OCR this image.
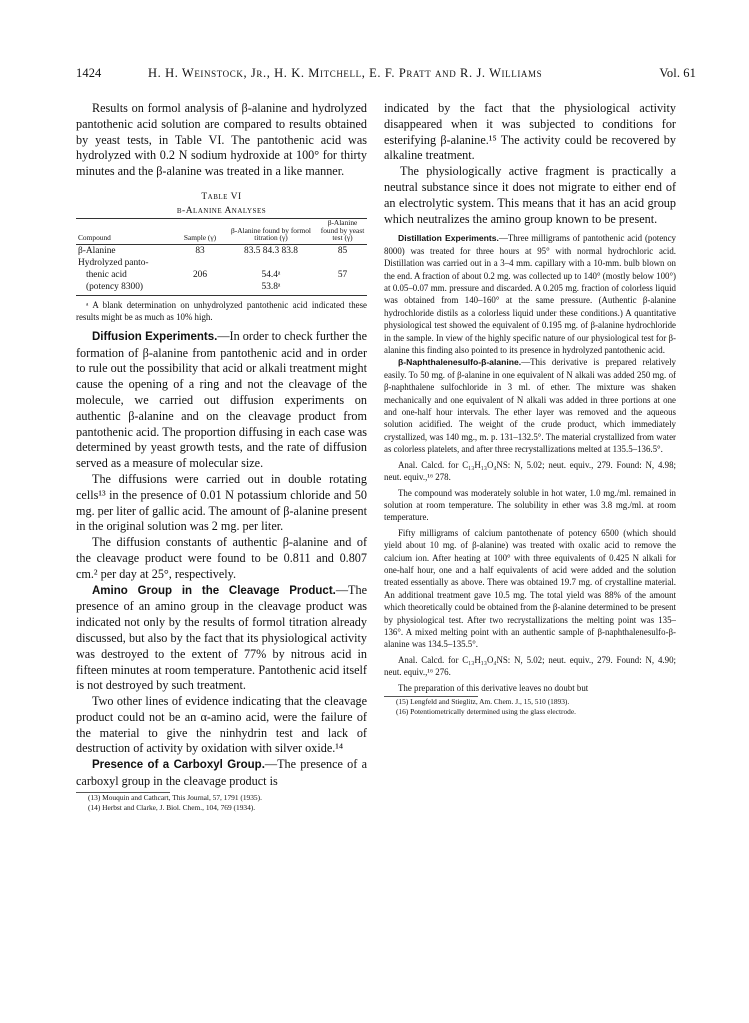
1424	H. H. Weinstock, Jr., H. K. Mitchell, E. F. Pratt and R. J. Williams	Vol. 61

Results on formol analysis of β-alanine and hydrolyzed pantothenic acid solution are compared to results obtained by yeast tests, in Table VI. The pantothenic acid was hydrolyzed with 0.2 N sodium hydroxide at 100° for thirty minutes and the β-alanine was treated in a like manner.

Table VI
β-Alanine Analyses
Compound	Sample (γ)	β-Alanine found by formol titration (γ)	β-Alanine found by yeast test (γ)
β-Alanine	83	83.5 84.3 83.8	85
Hydrolyzed panto-			
thenic acid	206	54.4ᵃ	57
(potency 8300)		53.8ᵃ	

ᵃ A blank determination on unhydrolyzed pantothenic acid indicated these results might be as much as 10% high.

Diffusion Experiments.—In order to check further the formation of β-alanine from pantothenic acid and in order to rule out the possibility that acid or alkali treatment might cause the opening of a ring and not the cleavage of the molecule, we carried out diffusion experiments on authentic β-alanine and on the cleavage product from pantothenic acid. The proportion diffusing in each case was determined by yeast growth tests, and the rate of diffusion served as a measure of molecular size.

The diffusions were carried out in double rotating cells¹³ in the presence of 0.01 N potassium chloride and 50 mg. per liter of gallic acid. The amount of β-alanine present in the original solution was 2 mg. per liter.

The diffusion constants of authentic β-alanine and of the cleavage product were found to be 0.811 and 0.807 cm.² per day at 25°, respectively.

Amino Group in the Cleavage Product.—The presence of an amino group in the cleavage product was indicated not only by the results of formol titration already discussed, but also by the fact that its physiological activity was destroyed to the extent of 77% by nitrous acid in fifteen minutes at room temperature. Pantothenic acid itself is not destroyed by such treatment.

Two other lines of evidence indicating that the cleavage product could not be an α-amino acid, were the failure of the material to give the ninhydrin test and lack of destruction of activity by oxidation with silver oxide.¹⁴

Presence of a Carboxyl Group.—The presence of a carboxyl group in the cleavage product is

(13) Mouquin and Cathcart, This Journal, 57, 1791 (1935).
(14) Herbst and Clarke, J. Biol. Chem., 104, 769 (1934).

indicated by the fact that the physiological activity disappeared when it was subjected to conditions for esterifying β-alanine.¹⁵ The activity could be recovered by alkaline treatment.

The physiologically active fragment is practically a neutral substance since it does not migrate to either end of an electrolytic system. This means that it has an acid group which neutralizes the amino group known to be present.

Distillation Experiments.—Three milligrams of pantothenic acid (potency 8000) was treated for three hours at 95° with normal hydrochloric acid. Distillation was carried out in a 3–4 mm. capillary with a 10-mm. bulb blown on the end. A fraction of about 0.2 mg. was collected up to 140° (mostly below 100°) at 0.05–0.07 mm. pressure and discarded. A 0.205 mg. fraction of colorless liquid was obtained from 140–160° at the same pressure. (Authentic β-alanine hydrochloride distils as a colorless liquid under these conditions.) A quantitative physiological test showed the equivalent of 0.195 mg. of β-alanine hydrochloride in the sample. In view of the highly specific nature of our physiological test for β-alanine this finding also pointed to its presence in hydrolyzed pantothenic acid.

β-Naphthalenesulfo-β-alanine.—This derivative is prepared relatively easily. To 50 mg. of β-alanine in one equivalent of N alkali was added 250 mg. of β-naphthalene sulfochloride in 3 ml. of ether. The mixture was shaken mechanically and one equivalent of N alkali was added in three portions at one and one-half hour intervals. The ether layer was removed and the aqueous solution acidified. The weight of the crude product, which immediately crystallized, was 140 mg., m. p. 131–132.5°. The material crystallized from water as colorless platelets, and after three recrystallizations melted at 135.5–136.5°.

Anal. Calcd. for C₁₃H₁₃O₄NS: N, 5.02; neut. equiv., 279. Found: N, 4.98; neut. equiv.,¹⁶ 278.

The compound was moderately soluble in hot water, 1.0 mg./ml. remained in solution at room temperature. The solubility in ether was 3.8 mg./ml. at room temperature.

Fifty milligrams of calcium pantothenate of potency 6500 (which should yield about 10 mg. of β-alanine) was treated with oxalic acid to remove the calcium ion. After heating at 100° with three equivalents of 0.425 N alkali for one-half hour, one and a half equivalents of acid were added and the solution treated essentially as above. There was obtained 19.7 mg. of crystalline material. An additional treatment gave 10.5 mg. The total yield was 88% of the amount which theoretically could be obtained from the β-alanine determined to be present by physiological test. After two recrystallizations the melting point was 135–136°. A mixed melting point with an authentic sample of β-naphthalenesulfo-β-alanine was 134.5–135.5°.

Anal. Calcd. for C₁₃H₁₃O₄NS: N, 5.02; neut. equiv., 279. Found: N, 4.90; neut. equiv.,¹⁶ 276.

The preparation of this derivative leaves no doubt but

(15) Lengfeld and Stieglitz, Am. Chem. J., 15, 510 (1893).
(16) Potentiometrically determined using the glass electrode.
